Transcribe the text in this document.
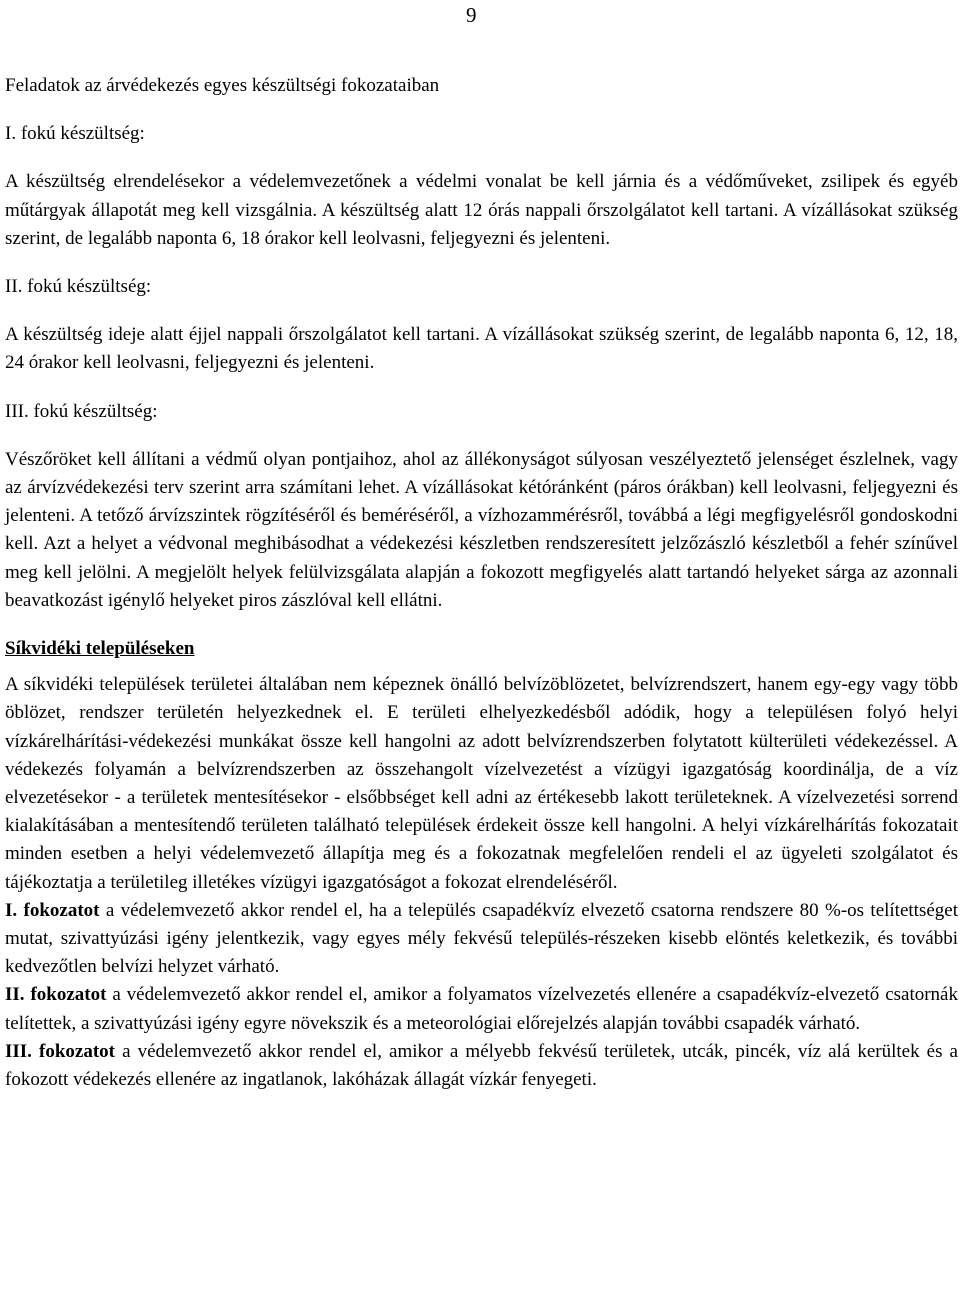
9

Feladatok az árvédekezés egyes készültségi fokozataiban

I. fokú készültség:

A készültség elrendelésekor a védelemvezetőnek a védelmi vonalat be kell járnia és a védőműveket, zsilipek és egyéb műtárgyak állapotát meg kell vizsgálnia. A készültség alatt 12 órás nappali őrszolgálatot kell tartani. A vízállásokat szükség szerint, de legalább naponta 6, 18 órakor kell leolvasni, feljegyezni és jelenteni.

II. fokú készültség:

A készültség ideje alatt éjjel nappali őrszolgálatot kell tartani. A vízállásokat szükség szerint, de legalább naponta 6, 12, 18, 24 órakor kell leolvasni, feljegyezni és jelenteni.

III. fokú készültség:

Vészőröket kell állítani a védmű olyan pontjaihoz, ahol az állékonyságot súlyosan veszélyeztető jelenséget észlelnek, vagy az árvízvédekezési terv szerint arra számítani lehet. A vízállásokat kétóránként (páros órákban) kell leolvasni, feljegyezni és jelenteni. A tetőző árvízszintek rögzítéséről és beméréséről, a vízhozammérésről, továbbá a légi megfigyelésről gondoskodni kell. Azt a helyet a védvonal meghibásodhat a védekezési készletben rendszeresített jelzőzászló készletből a fehér színűvel meg kell jelölni. A megjelölt helyek felülvizsgálata alapján a fokozott megfigyelés alatt tartandó helyeket sárga az azonnali beavatkozást igénylő helyeket piros zászlóval kell ellátni.

Síkvidéki településeken

A síkvidéki települések területei általában nem képeznek önálló belvízöblözetet, belvízrendszert, hanem egy-egy vagy több öblözet, rendszer területén helyezkednek el. E területi elhelyezkedésből adódik, hogy a településen folyó helyi vízkárelhárítási-védekezési munkákat össze kell hangolni az adott belvízrendszerben folytatott külterületi védekezéssel. A védekezés folyamán a belvízrendszerben az összehangolt vízelvezetést a vízügyi igazgatóság koordinálja, de a víz elvezetésekor - a területek mentesítésekor - elsőbbséget kell adni az értékesebb lakott területeknek. A vízelvezetési sorrend kialakításában a mentesítendő területen található települések érdekeit össze kell hangolni. A helyi vízkárelhárítás fokozatait minden esetben a helyi védelemvezető állapítja meg és a fokozatnak megfelelően rendeli el az ügyeleti szolgálatot és tájékoztatja a területileg illetékes vízügyi igazgatóságot a fokozat elrendeléséről.

I. fokozatot a védelemvezető akkor rendel el, ha a település csapadékvíz elvezető csatorna rendszere 80 %-os telítettséget mutat, szivattyúzási igény jelentkezik, vagy egyes mély fekvésű település-részeken kisebb elöntés keletkezik, és további kedvezőtlen belvízi helyzet várható.

II. fokozatot a védelemvezető akkor rendel el, amikor a folyamatos vízelvezetés ellenére a csapadékvíz-elvezető csatornák telítettek, a szivattyúzási igény egyre növekszik és a meteorológiai előrejelzés alapján további csapadék várható.

III. fokozatot a védelemvezető akkor rendel el, amikor a mélyebb fekvésű területek, utcák, pincék, víz alá kerültek és a fokozott védekezés ellenére az ingatlanok, lakóházak állagát vízkár fenyegeti.
